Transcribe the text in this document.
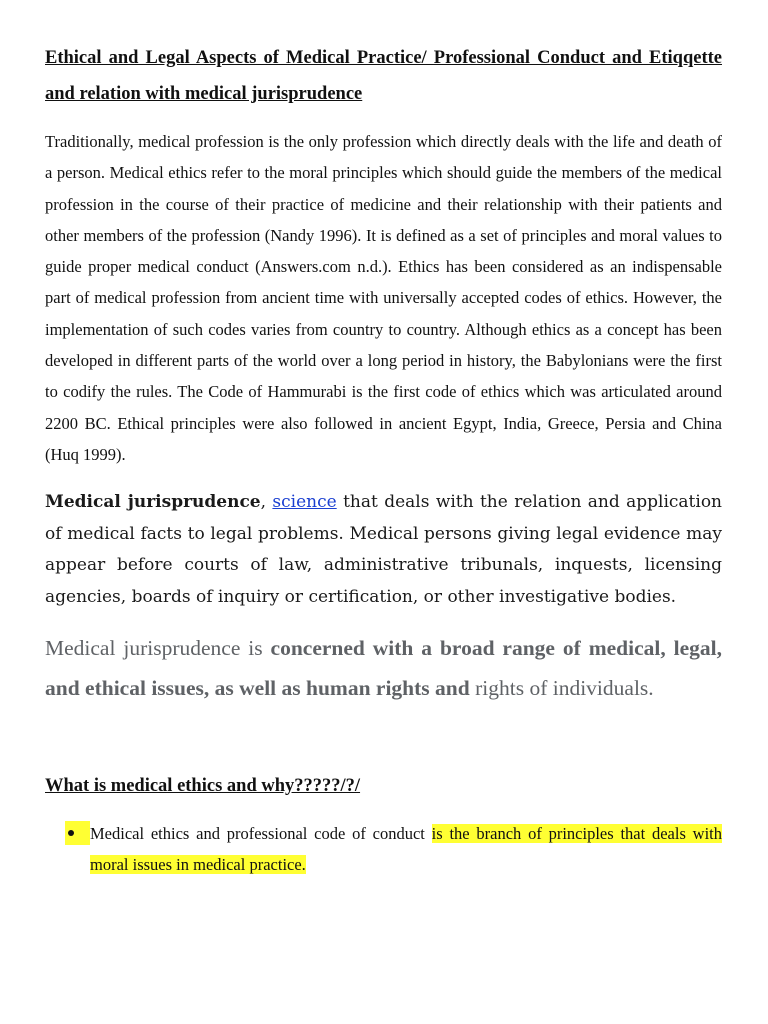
Ethical and Legal Aspects of Medical Practice/ Professional Conduct and Etiqqette and relation with medical jurisprudence

Traditionally, medical profession is the only profession which directly deals with the life and death of a person. Medical ethics refer to the moral principles which should guide the members of the medical profession in the course of their practice of medicine and their relationship with their patients and other members of the profession (Nandy 1996). It is defined as a set of principles and moral values to guide proper medical conduct (Answers.com n.d.). Ethics has been considered as an indispensable part of medical profession from ancient time with universally accepted codes of ethics. However, the implementation of such codes varies from country to country. Although ethics as a concept has been developed in different parts of the world over a long period in history, the Babylonians were the first to codify the rules. The Code of Hammurabi is the first code of ethics which was articulated around 2200 BC. Ethical principles were also followed in ancient Egypt, India, Greece, Persia and China (Huq 1999).

Medical jurisprudence, science that deals with the relation and application of medical facts to legal problems. Medical persons giving legal evidence may appear before courts of law, administrative tribunals, inquests, licensing agencies, boards of inquiry or certification, or other investigative bodies.

Medical jurisprudence is concerned with a broad range of medical, legal, and ethical issues, as well as human rights and rights of individuals.

What is medical ethics and why?????/?/
Medical ethics and professional code of conduct is the branch of principles that deals with moral issues in medical practice.
